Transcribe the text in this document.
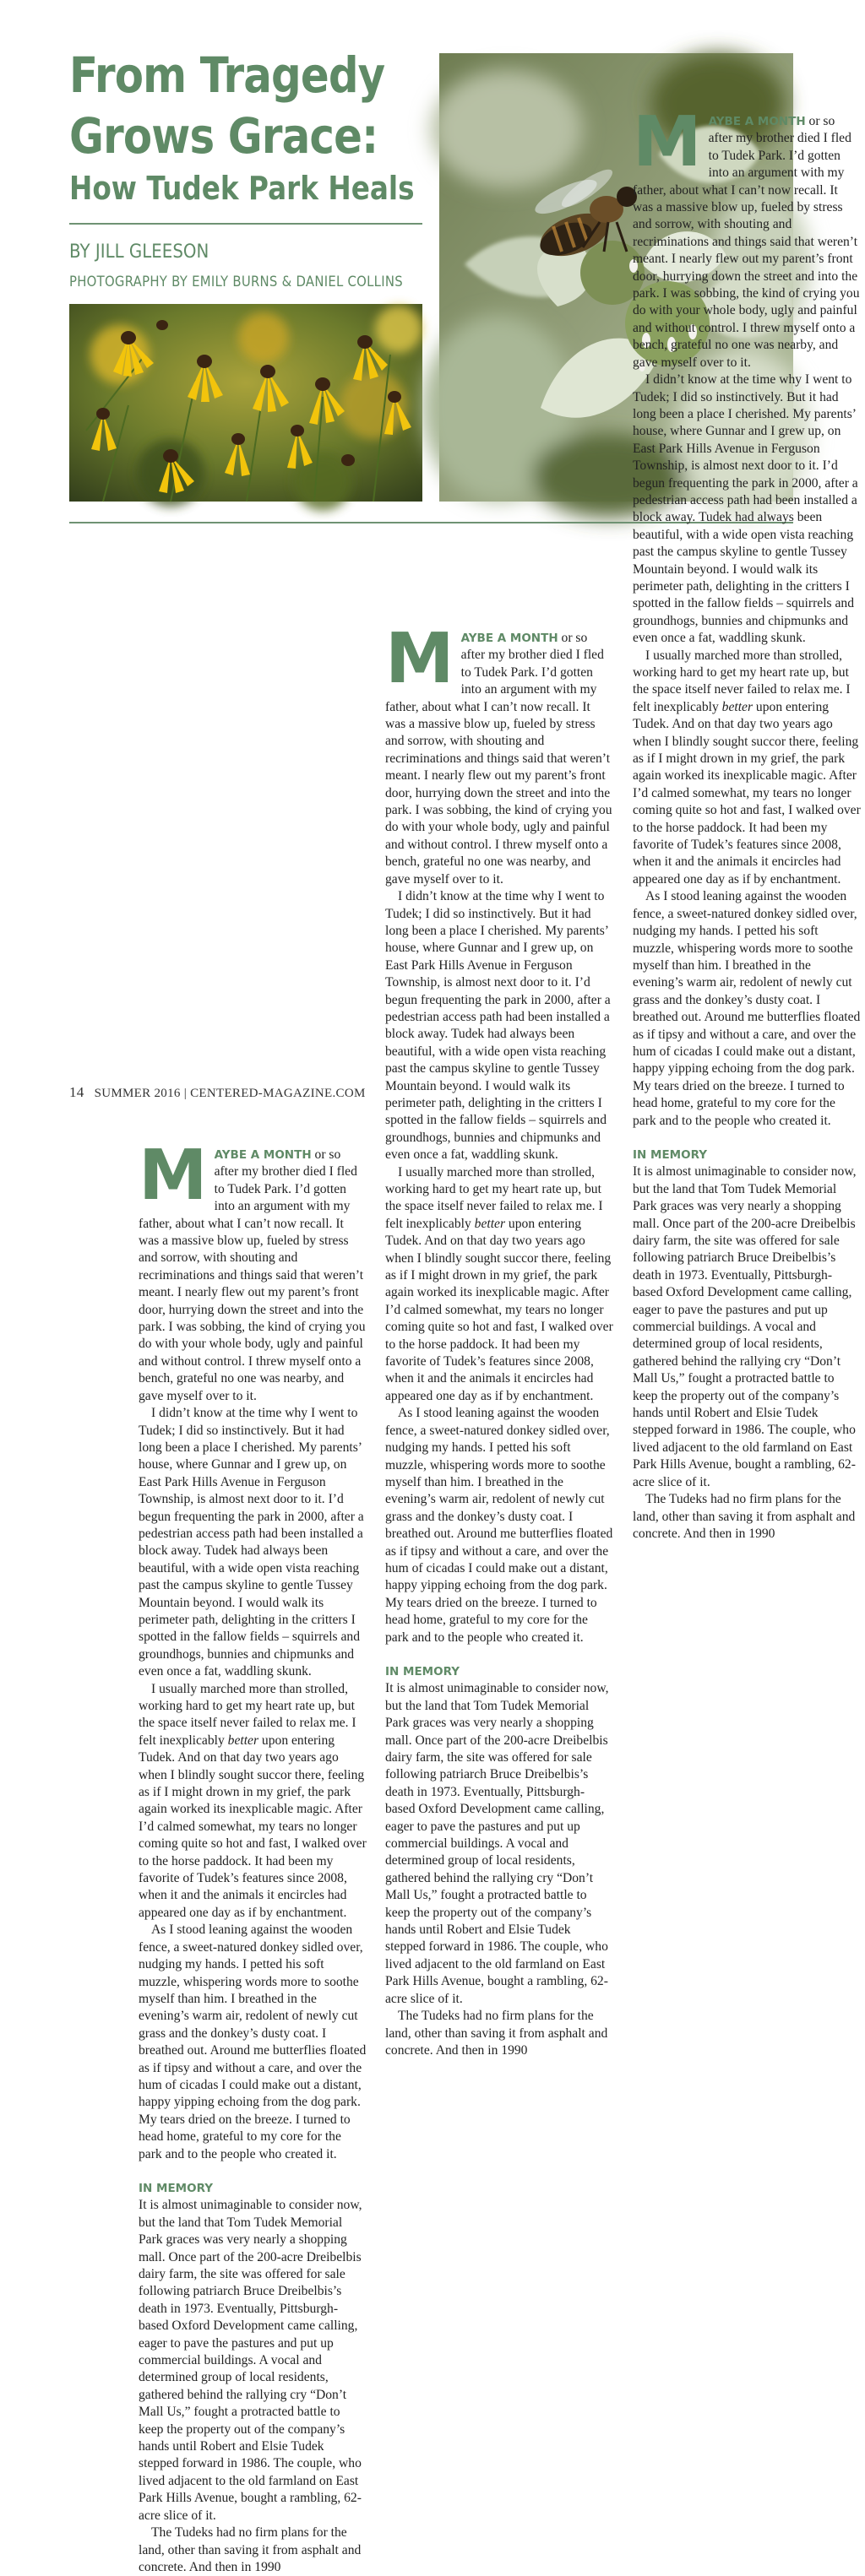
From Tragedy
Grows Grace:
How Tudek Park Heals
BY JILL GLEESON
PHOTOGRAPHY BY EMILY BURNS & DANIEL COLLINS

MAYBE A MONTH or so after my brother died I fled to Tudek Park. I’d gotten into an argument with my father, about what I can’t now recall. It was a massive blow up, fueled by stress and sorrow, with shouting and recriminations and things said that weren’t meant. I nearly flew out my parent’s front door, hurrying down the street and into the park. I was sobbing, the kind of crying you do with your whole body, ugly and painful and without control. I threw myself onto a bench, grateful no one was nearby, and gave myself over to it.

I didn’t know at the time why I went to Tudek; I did so instinctively. But it had long been a place I cherished. My parents’ house, where Gunnar and I grew up, on East Park Hills Avenue in Ferguson Township, is almost next door to it. I’d begun frequenting the park in 2000, after a pedestrian access path had been installed a block away. Tudek had always been beautiful, with a wide open vista reaching past the campus skyline to gentle Tussey Mountain beyond. I would walk its perimeter path, delighting in the critters I spotted in the fallow fields – squirrels and groundhogs, bunnies and chipmunks and even once a fat, waddling skunk.

I usually marched more than strolled, working hard to get my heart rate up, but the space itself never failed to relax me. I felt inexplicably better upon entering Tudek. And on that day two years ago when I blindly sought succor there, feeling as if I might drown in my grief, the park again worked its inexplicable magic. After I’d calmed somewhat, my tears no longer coming quite so hot and fast, I walked over to the horse paddock. It had been my favorite of Tudek’s features since 2008, when it and the animals it encircles had appeared one day as if by enchantment.

As I stood leaning against the wooden fence, a sweet-natured donkey sidled over, nudging my hands. I petted his soft muzzle, whispering words more to soothe myself than him. I breathed in the evening’s warm air, redolent of newly cut grass and the donkey’s dusty coat. I breathed out. Around me butterflies floated as if tipsy and without a care, and over the hum of cicadas I could make out a distant, happy yipping echoing from the dog park. My tears dried on the breeze. I turned to head home, grateful to my core for the park and to the people who created it.

IN MEMORY

It is almost unimaginable to consider now, but the land that Tom Tudek Memorial Park graces was very nearly a shopping mall. Once part of the 200-acre Dreibelbis dairy farm, the site was offered for sale following patriarch Bruce Dreibelbis’s death in 1973. Eventually, Pittsburgh-based Oxford Development came calling, eager to pave the pastures and put up commercial buildings. A vocal and determined group of local residents, gathered behind the rallying cry “Don’t Mall Us,” fought a protracted battle to keep the property out of the company’s hands until Robert and Elsie Tudek stepped forward in 1986. The couple, who lived adjacent to the old farmland on East Park Hills Avenue, bought a rambling, 62-acre slice of it.

The Tudeks had no firm plans for the land, other than saving it from asphalt and concrete. And then in 1990

MAYBE A MONTH or so after my brother died I fled to Tudek Park. I’d gotten into an argument with my father, about what I can’t now recall. It was a massive blow up, fueled by stress and sorrow, with shouting and recriminations and things said that weren’t meant. I nearly flew out my parent’s front door, hurrying down the street and into the park. I was sobbing, the kind of crying you do with your whole body, ugly and painful and without control. I threw myself onto a bench, grateful no one was nearby, and gave myself over to it.

I didn’t know at the time why I went to Tudek; I did so instinctively. But it had long been a place I cherished. My parents’ house, where Gunnar and I grew up, on East Park Hills Avenue in Ferguson Township, is almost next door to it. I’d begun frequenting the park in 2000, after a pedestrian access path had been installed a block away. Tudek had always been beautiful, with a wide open vista reaching past the campus skyline to gentle Tussey Mountain beyond. I would walk its perimeter path, delighting in the critters I spotted in the fallow fields – squirrels and groundhogs, bunnies and chipmunks and even once a fat, waddling skunk.

I usually marched more than strolled, working hard to get my heart rate up, but the space itself never failed to relax me. I felt inexplicably better upon entering Tudek. And on that day two years ago when I blindly sought succor there, feeling as if I might drown in my grief, the park again worked its inexplicable magic. After I’d calmed somewhat, my tears no longer coming quite so hot and fast, I walked over to the horse paddock. It had been my favorite of Tudek’s features since 2008, when it and the animals it encircles had appeared one day as if by enchantment.

As I stood leaning against the wooden fence, a sweet-natured donkey sidled over, nudging my hands. I petted his soft muzzle, whispering words more to soothe myself than him. I breathed in the evening’s warm air, redolent of newly cut grass and the donkey’s dusty coat. I breathed out. Around me butterflies floated as if tipsy and without a care, and over the hum of cicadas I could make out a distant, happy yipping echoing from the dog park. My tears dried on the breeze. I turned to head home, grateful to my core for the park and to the people who created it.

IN MEMORY

It is almost unimaginable to consider now, but the land that Tom Tudek Memorial Park graces was very nearly a shopping mall. Once part of the 200-acre Dreibelbis dairy farm, the site was offered for sale following patriarch Bruce Dreibelbis’s death in 1973. Eventually, Pittsburgh-based Oxford Development came calling, eager to pave the pastures and put up commercial buildings. A vocal and determined group of local residents, gathered behind the rallying cry “Don’t Mall Us,” fought a protracted battle to keep the property out of the company’s hands until Robert and Elsie Tudek stepped forward in 1986. The couple, who lived adjacent to the old farmland on East Park Hills Avenue, bought a rambling, 62-acre slice of it.

The Tudeks had no firm plans for the land, other than saving it from asphalt and concrete. And then in 1990

MAYBE A MONTH or so after my brother died I fled to Tudek Park. I’d gotten into an argument with my father, about what I can’t now recall. It was a massive blow up, fueled by stress and sorrow, with shouting and recriminations and things said that weren’t meant. I nearly flew out my parent’s front door, hurrying down the street and into the park. I was sobbing, the kind of crying you do with your whole body, ugly and painful and without control. I threw myself onto a bench, grateful no one was nearby, and gave myself over to it.

I didn’t know at the time why I went to Tudek; I did so instinctively. But it had long been a place I cherished. My parents’ house, where Gunnar and I grew up, on East Park Hills Avenue in Ferguson Township, is almost next door to it. I’d begun frequenting the park in 2000, after a pedestrian access path had been installed a block away. Tudek had always been beautiful, with a wide open vista reaching past the campus skyline to gentle Tussey Mountain beyond. I would walk its perimeter path, delighting in the critters I spotted in the fallow fields – squirrels and groundhogs, bunnies and chipmunks and even once a fat, waddling skunk.

I usually marched more than strolled, working hard to get my heart rate up, but the space itself never failed to relax me. I felt inexplicably better upon entering Tudek. And on that day two years ago when I blindly sought succor there, feeling as if I might drown in my grief, the park again worked its inexplicable magic. After I’d calmed somewhat, my tears no longer coming quite so hot and fast, I walked over to the horse paddock. It had been my favorite of Tudek’s features since 2008, when it and the animals it encircles had appeared one day as if by enchantment.

As I stood leaning against the wooden fence, a sweet-natured donkey sidled over, nudging my hands. I petted his soft muzzle, whispering words more to soothe myself than him. I breathed in the evening’s warm air, redolent of newly cut grass and the donkey’s dusty coat. I breathed out. Around me butterflies floated as if tipsy and without a care, and over the hum of cicadas I could make out a distant, happy yipping echoing from the dog park. My tears dried on the breeze. I turned to head home, grateful to my core for the park and to the people who created it.

IN MEMORY

It is almost unimaginable to consider now, but the land that Tom Tudek Memorial Park graces was very nearly a shopping mall. Once part of the 200-acre Dreibelbis dairy farm, the site was offered for sale following patriarch Bruce Dreibelbis’s death in 1973. Eventually, Pittsburgh-based Oxford Development came calling, eager to pave the pastures and put up commercial buildings. A vocal and determined group of local residents, gathered behind the rallying cry “Don’t Mall Us,” fought a protracted battle to keep the property out of the company’s hands until Robert and Elsie Tudek stepped forward in 1986. The couple, who lived adjacent to the old farmland on East Park Hills Avenue, bought a rambling, 62-acre slice of it.

The Tudeks had no firm plans for the land, other than saving it from asphalt and concrete. And then in 1990

14 SUMMER 2016 | CENTERED-MAGAZINE.COM
